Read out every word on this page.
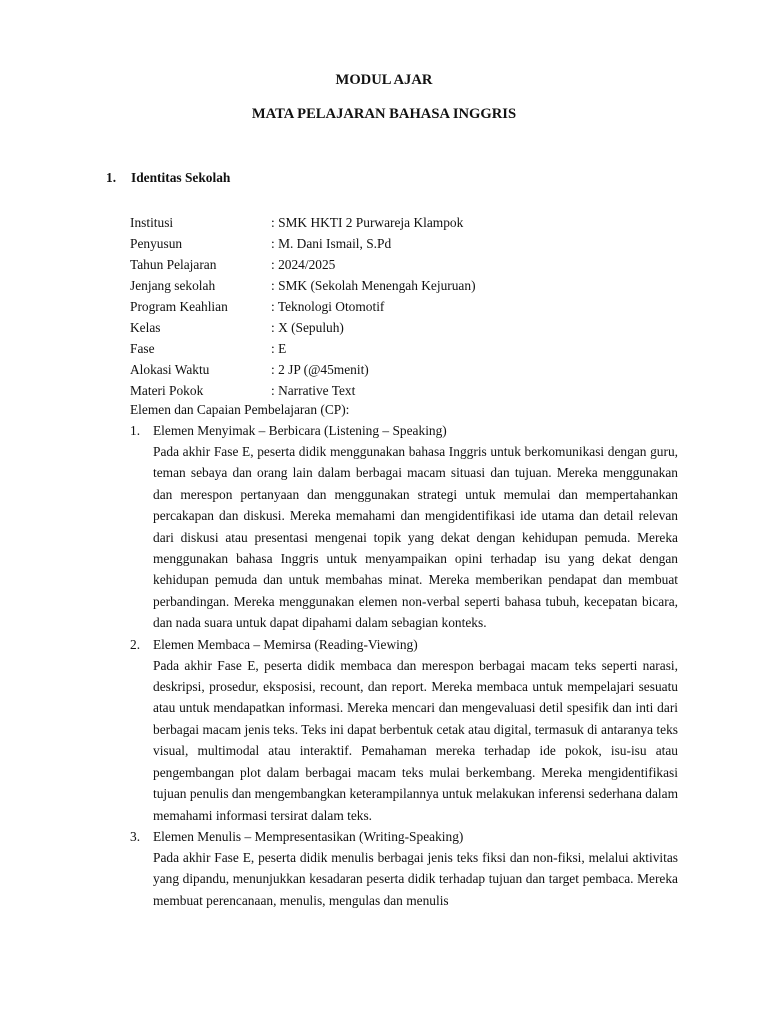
MODUL AJAR
MATA PELAJARAN BAHASA INGGRIS
1. Identitas Sekolah
Institusi	: SMK HKTI 2 Purwareja Klampok
Penyusun	: M. Dani Ismail, S.Pd
Tahun Pelajaran	: 2024/2025
Jenjang sekolah	: SMK (Sekolah Menengah Kejuruan)
Program Keahlian	: Teknologi Otomotif
Kelas	: X (Sepuluh)
Fase	: E
Alokasi Waktu	: 2 JP (@45menit)
Materi Pokok	: Narrative Text
Elemen dan Capaian Pembelajaran (CP):
1. Elemen Menyimak – Berbicara (Listening – Speaking)
Pada akhir Fase E, peserta didik menggunakan bahasa Inggris untuk berkomunikasi dengan guru, teman sebaya dan orang lain dalam berbagai macam situasi dan tujuan. Mereka menggunakan dan merespon pertanyaan dan menggunakan strategi untuk memulai dan mempertahankan percakapan dan diskusi. Mereka memahami dan mengidentifikasi ide utama dan detail relevan dari diskusi atau presentasi mengenai topik yang dekat dengan kehidupan pemuda. Mereka menggunakan bahasa Inggris untuk menyampaikan opini terhadap isu yang dekat dengan kehidupan pemuda dan untuk membahas minat. Mereka memberikan pendapat dan membuat perbandingan. Mereka menggunakan elemen non-verbal seperti bahasa tubuh, kecepatan bicara, dan nada suara untuk dapat dipahami dalam sebagian konteks.
2. Elemen Membaca – Memirsa (Reading-Viewing)
Pada akhir Fase E, peserta didik membaca dan merespon berbagai macam teks seperti narasi, deskripsi, prosedur, eksposisi, recount, dan report. Mereka membaca untuk mempelajari sesuatu atau untuk mendapatkan informasi. Mereka mencari dan mengevaluasi detil spesifik dan inti dari berbagai macam jenis teks. Teks ini dapat berbentuk cetak atau digital, termasuk di antaranya teks visual, multimodal atau interaktif. Pemahaman mereka terhadap ide pokok, isu-isu atau pengembangan plot dalam berbagai macam teks mulai berkembang. Mereka mengidentifikasi tujuan penulis dan mengembangkan keterampilannya untuk melakukan inferensi sederhana dalam memahami informasi tersirat dalam teks.
3. Elemen Menulis – Mempresentasikan (Writing-Speaking)
Pada akhir Fase E, peserta didik menulis berbagai jenis teks fiksi dan non-fiksi, melalui aktivitas yang dipandu, menunjukkan kesadaran peserta didik terhadap tujuan dan target pembaca. Mereka membuat perencanaan, menulis, mengulas dan menulis
